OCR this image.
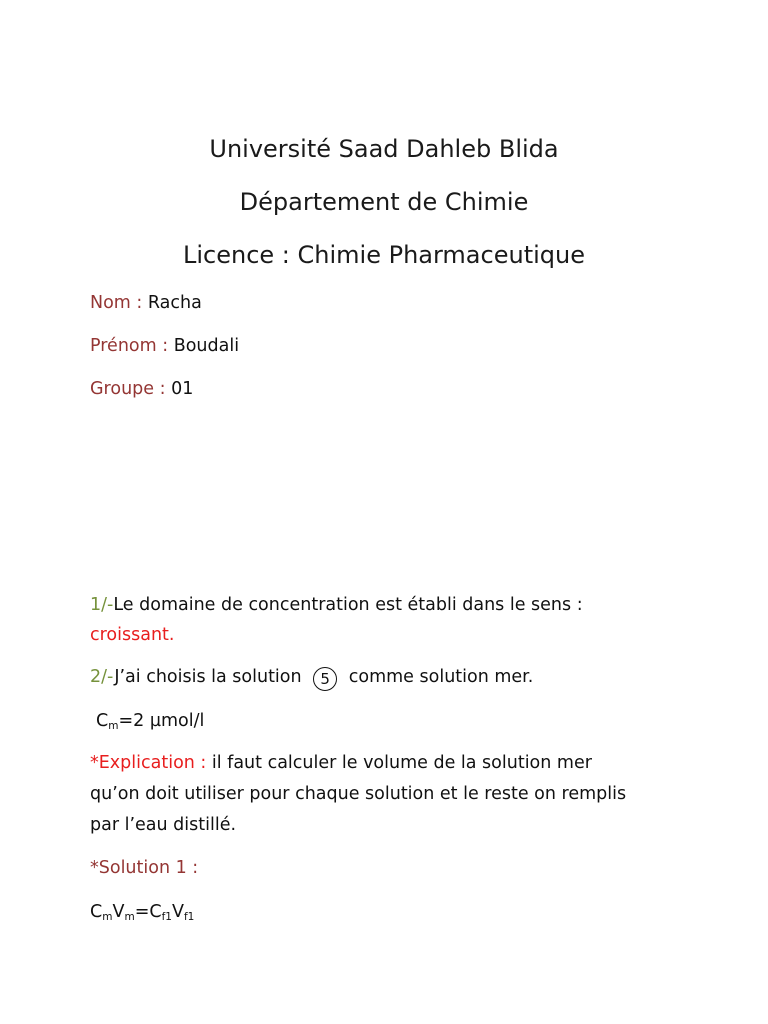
Université Saad Dahleb Blida
Département de Chimie
Licence : Chimie Pharmaceutique
Nom : Racha
Prénom : Boudali
Groupe : 01
1/-Le domaine de concentration est établi dans le sens :
croissant.
2/-J’ai choisis la solution 5 comme solution mer.
$C_m=2$ µmol/l
*Explication : il faut calculer le volume de la solution mer
qu’on doit utiliser pour chaque solution et le reste on remplis
par l’eau distillé.
*Solution 1 :
$C_mV_m=C_{f1}V_{f1}$
